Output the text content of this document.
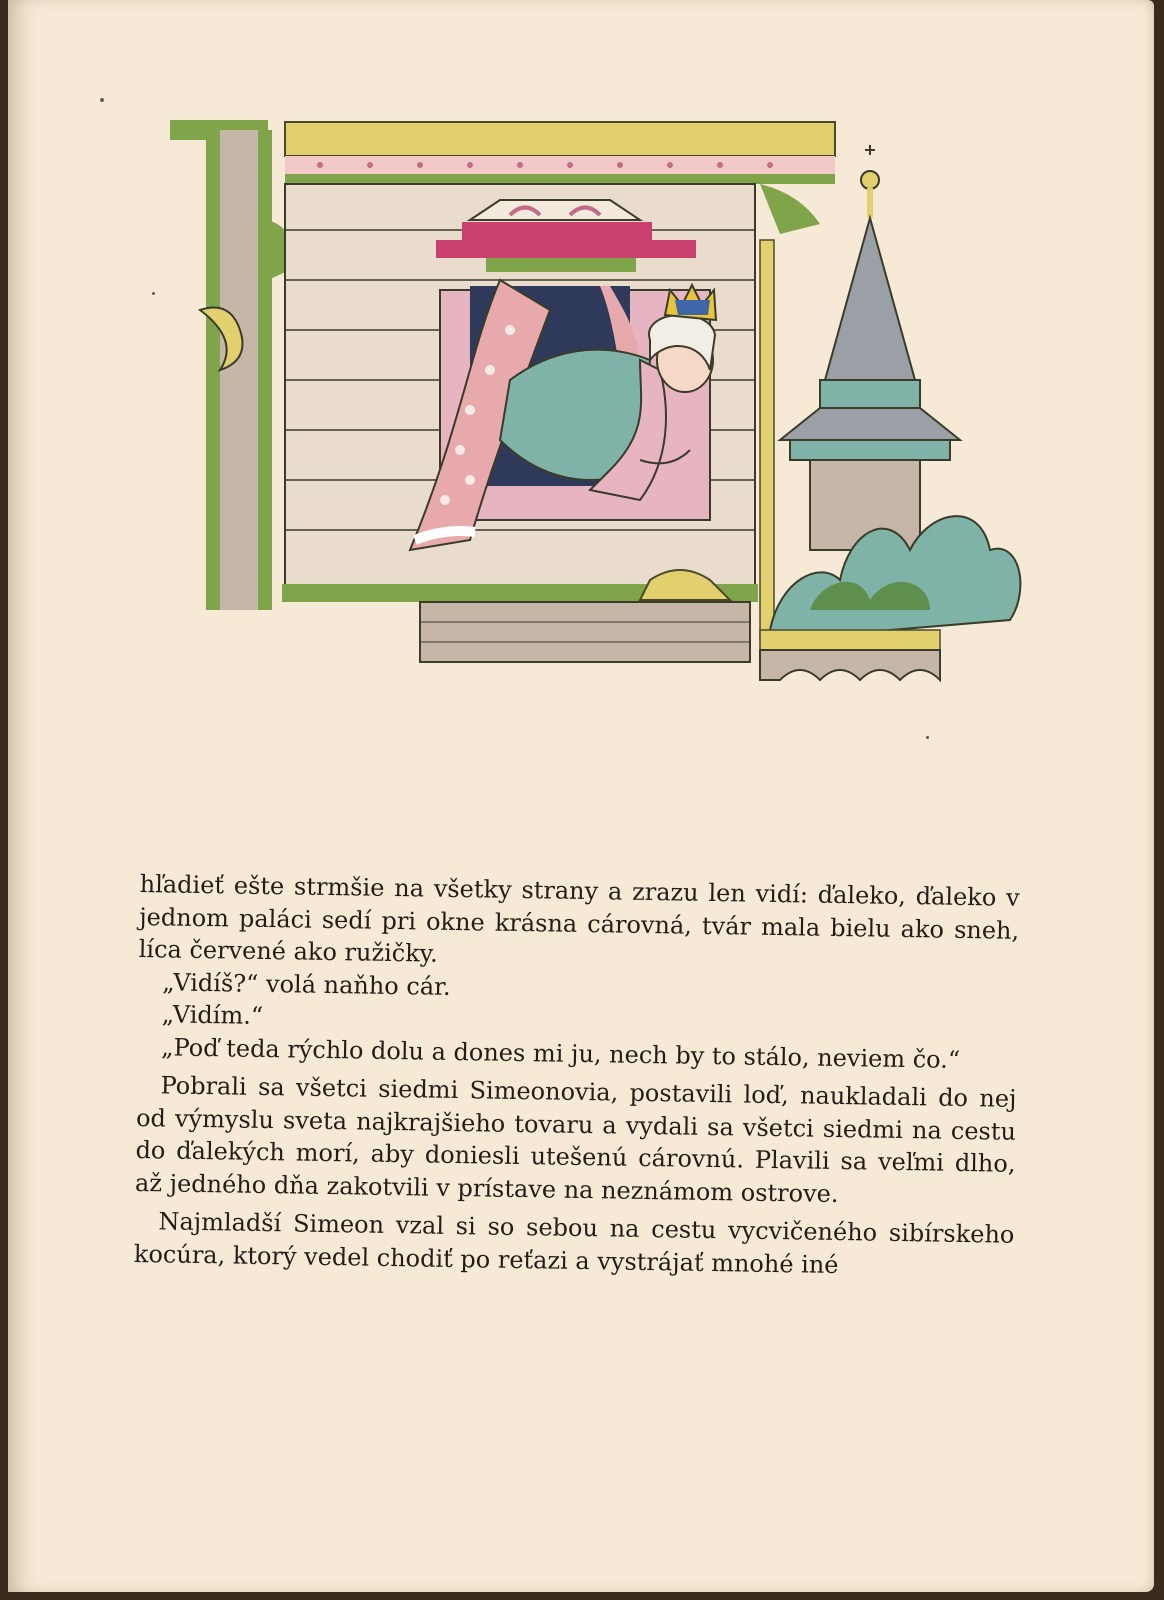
hľadieť ešte strmšie na všetky strany a zrazu len vidí: ďaleko, ďaleko v jednom paláci sedí pri okne krásna cárovná, tvár mala bielu ako sneh, líca červené ako ružičky.

„Vidíš?“ volá naňho cár.

„Vidím.“

„Poď teda rýchlo dolu a dones mi ju, nech by to stálo, neviem čo.“

Pobrali sa všetci siedmi Simeonovia, postavili loď, naukladali do nej od výmyslu sveta najkrajšieho tovaru a vydali sa všetci siedmi na cestu do ďalekých morí, aby doniesli utešenú cárovnú. Plavili sa veľmi dlho, až jedného dňa zakotvili v prístave na neznámom ostrove.

Najmladší Simeon vzal si so sebou na cestu vycvičeného sibírskeho kocúra, ktorý vedel chodiť po reťazi a vystrájať mnohé iné
